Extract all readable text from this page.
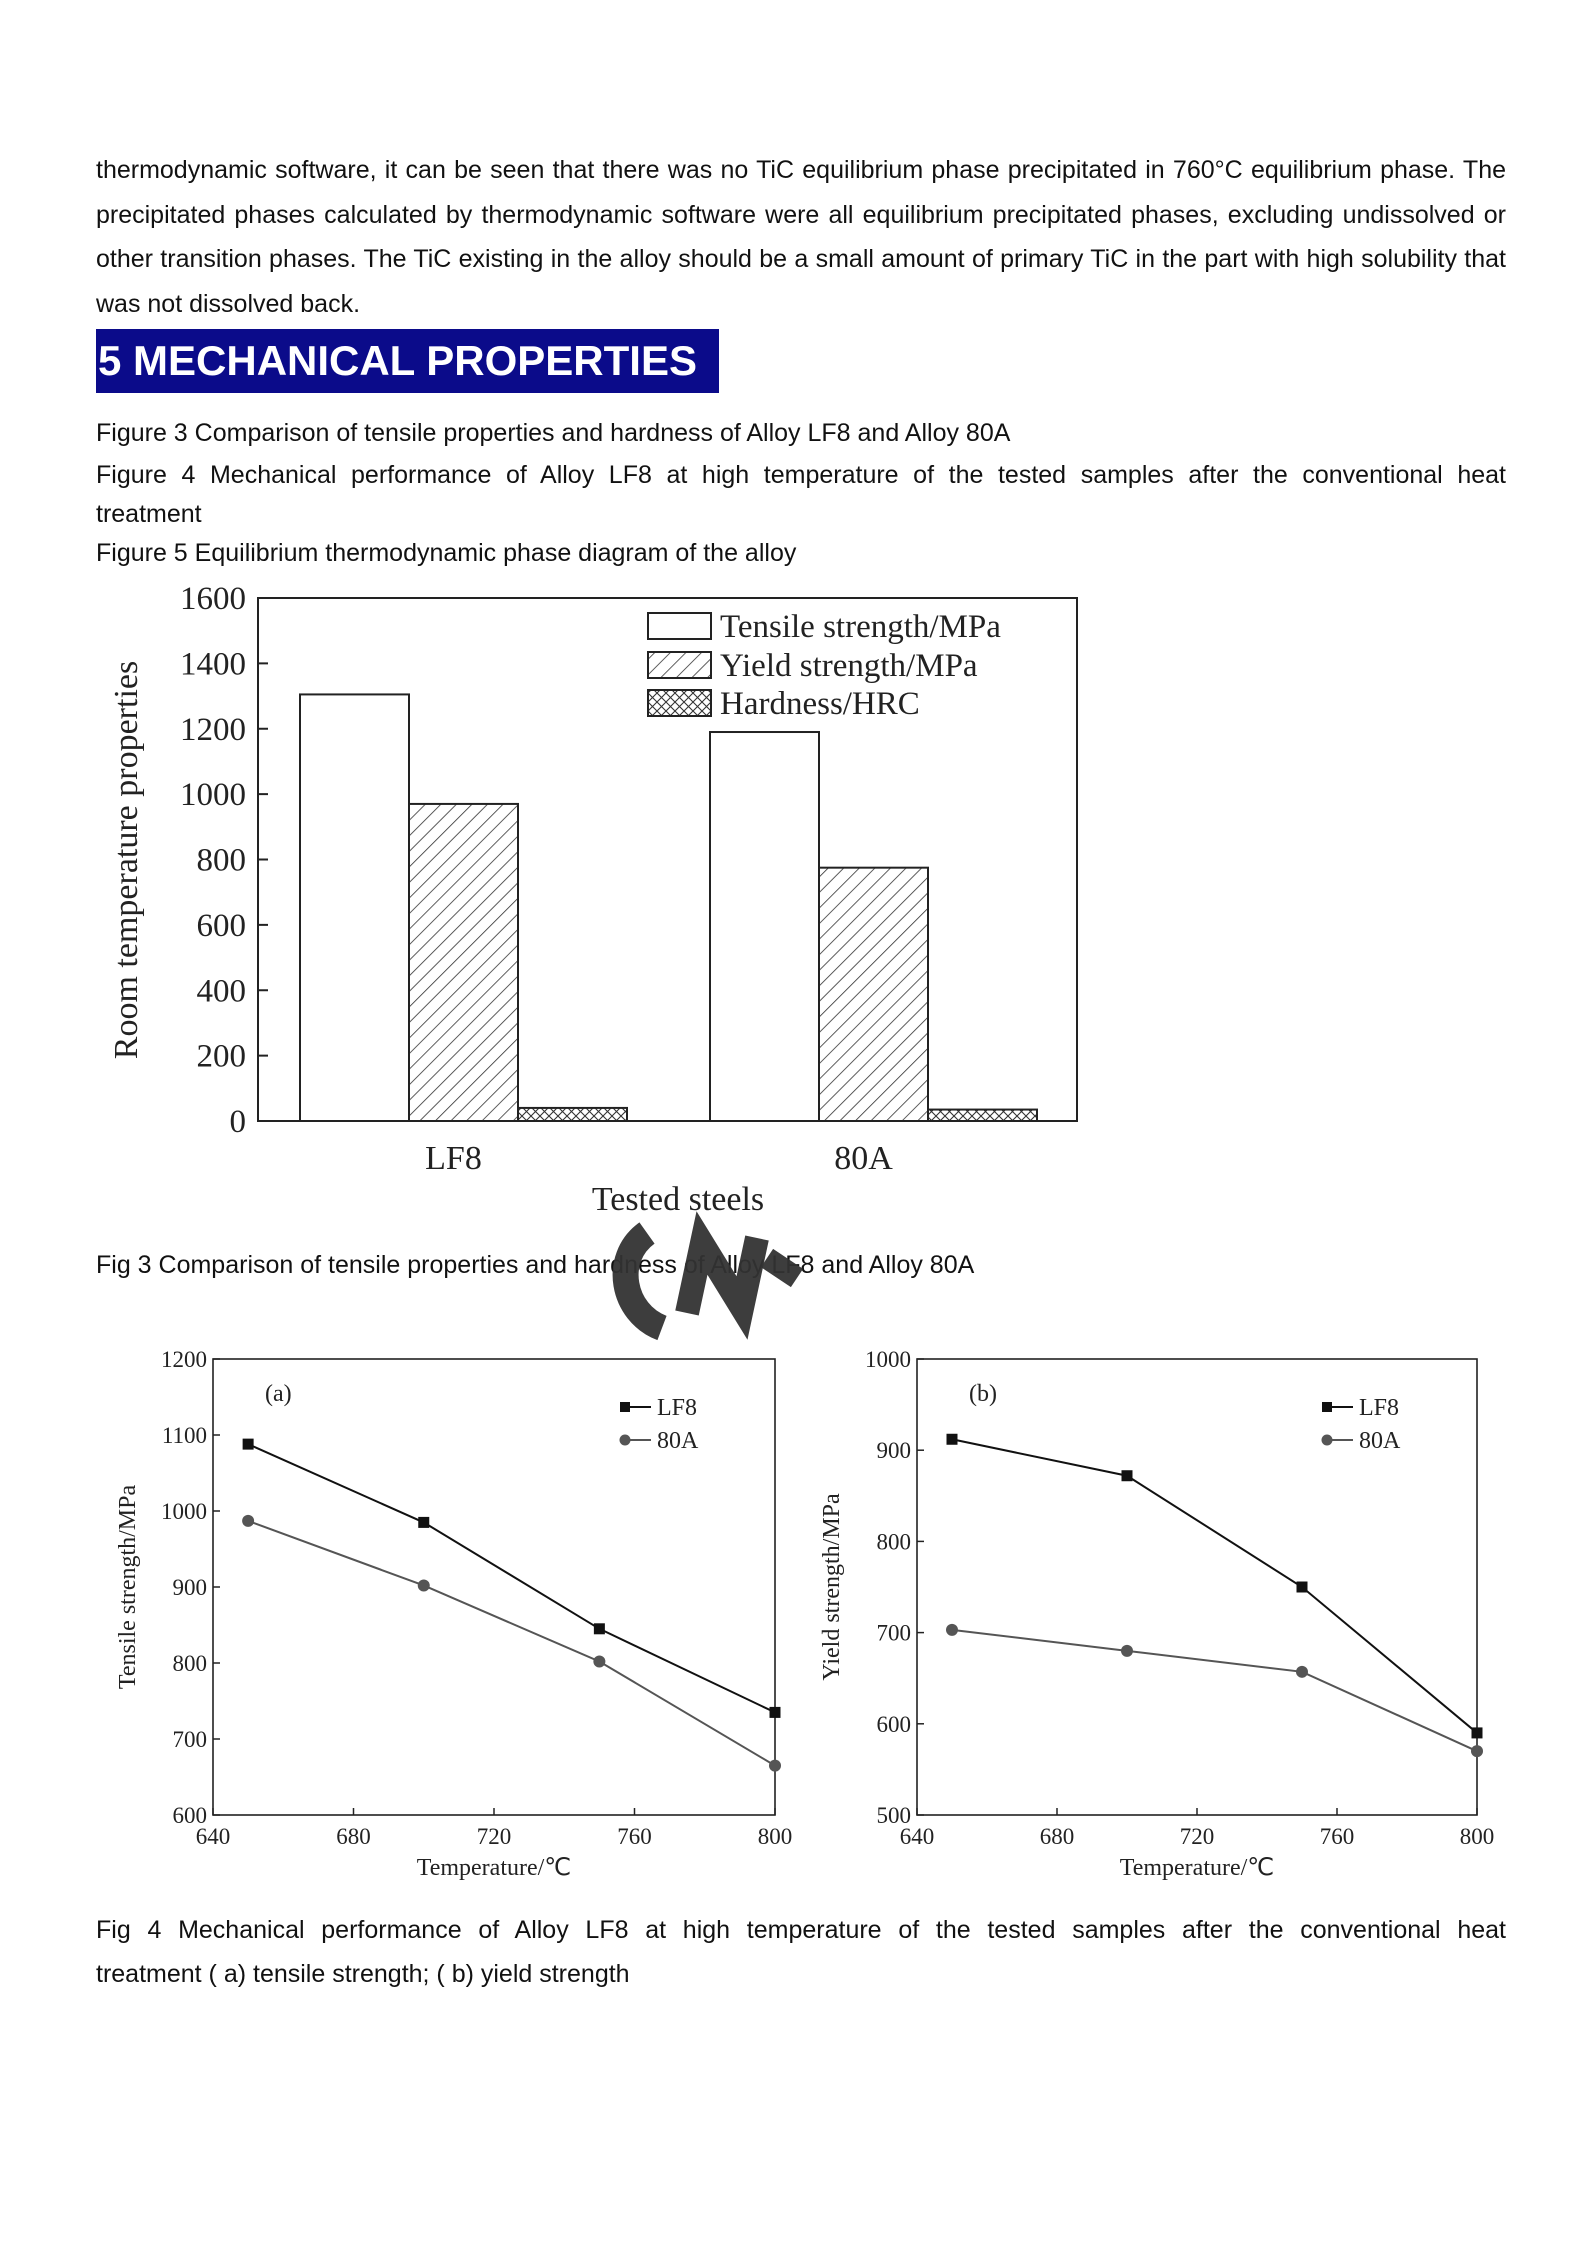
thermodynamic software, it can be seen that there was no TiC equilibrium phase precipitated in 760°C equilibrium phase. The precipitated phases calculated by thermodynamic software were all equilibrium precipitated phases, excluding undissolved or other transition phases. The TiC existing in the alloy should be a small amount of primary TiC in the part with high solubility that was not dissolved back.

5 MECHANICAL PROPERTIES

Figure 3 Comparison of tensile properties and hardness of Alloy LF8 and Alloy 80A

Figure 4 Mechanical performance of Alloy LF8 at high temperature of the tested samples after the conventional heat

treatment

Figure 5 Equilibrium thermodynamic phase diagram of the alloy

0
200
400
600
800
1000
1200
1400
1600
LF8	80A
Tested steels
Room temperature properties
Tensile strength/MPa
Yield strength/MPa
Hardness/HRC

Fig 3 Comparison of tensile properties and hardness of Alloy LF8 and Alloy 80A

600
700
800
900
1000
1100
1200
640	680	720	760	800
Temperature/℃
Tensile strength/MPa
(a)
LF8
80A
500
600
700
800
900
1000
640	680	720	760	800
Temperature/℃
Yield strength/MPa
(b)
LF8
80A

Fig 4 Mechanical performance of Alloy LF8 at high temperature of the tested samples after the conventional heat

treatment ( a) tensile strength; ( b) yield strength
